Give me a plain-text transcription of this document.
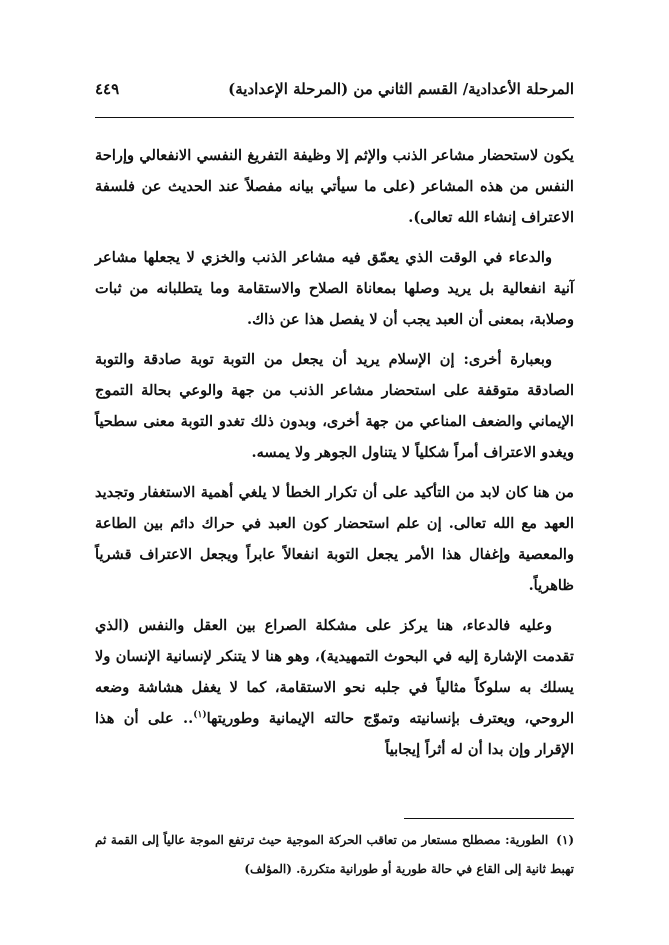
المرحلة الأعدادية/ القسم الثاني من (المرحلة الإعدادية)
٤٤٩

يكون لاستحضار مشاعر الذنب والإثم إلا وظيفة التفريغ النفسي الانفعالي وإراحة النفس من هذه المشاعر (على ما سيأتي بيانه مفصلاً عند الحديث عن فلسفة الاعتراف إنشاء الله تعالى).

والدعاء في الوقت الذي يعمّق فيه مشاعر الذنب والخزي لا يجعلها مشاعر آنية انفعالية بل يريد وصلها بمعاناة الصلاح والاستقامة وما يتطلبانه من ثبات وصلابة، بمعنى أن العبد يجب أن لا يفصل هذا عن ذاك.

وبعبارة أخرى: إن الإسلام يريد أن يجعل من التوبة توبة صادقة والتوبة الصادقة متوقفة على استحضار مشاعر الذنب من جهة والوعي بحالة التموج الإيماني والضعف المناعي من جهة أخرى، وبدون ذلك تغدو التوبة معنى سطحياً ويغدو الاعتراف أمراً شكلياً لا يتناول الجوهر ولا يمسه.

من هنا كان لابد من التأكيد على أن تكرار الخطأ لا يلغي أهمية الاستغفار وتجديد العهد مع الله تعالى. إن علم استحضار كون العبد في حراك دائم بين الطاعة والمعصية وإغفال هذا الأمر يجعل التوبة انفعالاً عابراً ويجعل الاعتراف قشرياً ظاهرياً.

وعليه فالدعاء، هنا يركز على مشكلة الصراع بين العقل والنفس (الذي تقدمت الإشارة إليه في البحوث التمهيدية)، وهو هنا لا يتنكر لإنسانية الإنسان ولا يسلك به سلوكاً مثالياً في جلبه نحو الاستقامة، كما لا يغفل هشاشة وضعه الروحي، ويعترف بإنسانيته وتموّج حالته الإيمانية وطوريتها$^{(١)}$.. على أن هذا الإقرار وإن بدا أن له أثراً إيجابياً

(١)الطورية: مصطلح مستعار من تعاقب الحركة الموجية حيث ترتفع الموجة عالياً إلى القمة ثم تهبط ثانية إلى القاع في حالة طورية أو طورانية متكررة. (المؤلف)
